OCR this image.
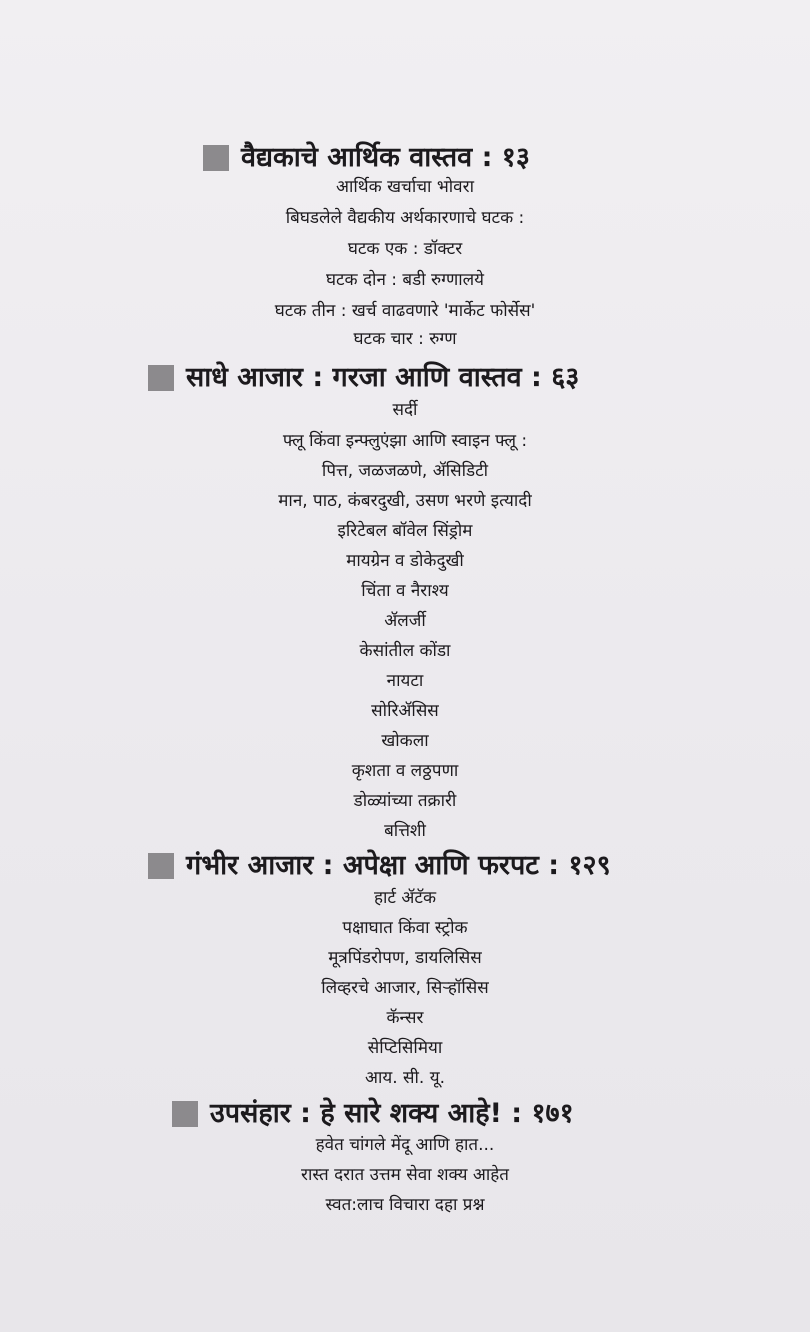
वैद्यकाचे आर्थिक वास्तव : १३
आर्थिक खर्चाचा भोवरा
बिघडलेले वैद्यकीय अर्थकारणाचे घटक :
घटक एक : डॉक्टर
घटक दोन : बडी रुग्णालये
घटक तीन : खर्च वाढवणारे 'मार्केट फोर्सेस'
घटक चार : रुग्ण
साधे आजार : गरजा आणि वास्तव : ६३
सर्दी
फ्लू किंवा इन्फ्लुएंझा आणि स्वाइन फ्लू :
पित्त, जळजळणे, ॲसिडिटी
मान, पाठ, कंबरदुखी, उसण भरणे इत्यादी
इरिटेबल बॉवेल सिंड्रोम
मायग्रेन व डोकेदुखी
चिंता व नैराश्य
ॲलर्जी
केसांतील कोंडा
नायटा
सोरिॲसिस
खोकला
कृशता व लठ्ठपणा
डोळ्यांच्या तक्रारी
बत्तिशी
गंभीर आजार : अपेक्षा आणि फरपट : १२९
हार्ट ॲटॅक
पक्षाघात किंवा स्ट्रोक
मूत्रपिंडरोपण, डायलिसिस
लिव्हरचे आजार, सिऱ्हॉसिस
कॅन्सर
सेप्टिसिमिया
आय. सी. यू.
उपसंहार : हे सारे शक्य आहे! : १७१
हवेत चांगले मेंदू आणि हात...
रास्त दरात उत्तम सेवा शक्य आहेत
स्वत:लाच विचारा दहा प्रश्न
